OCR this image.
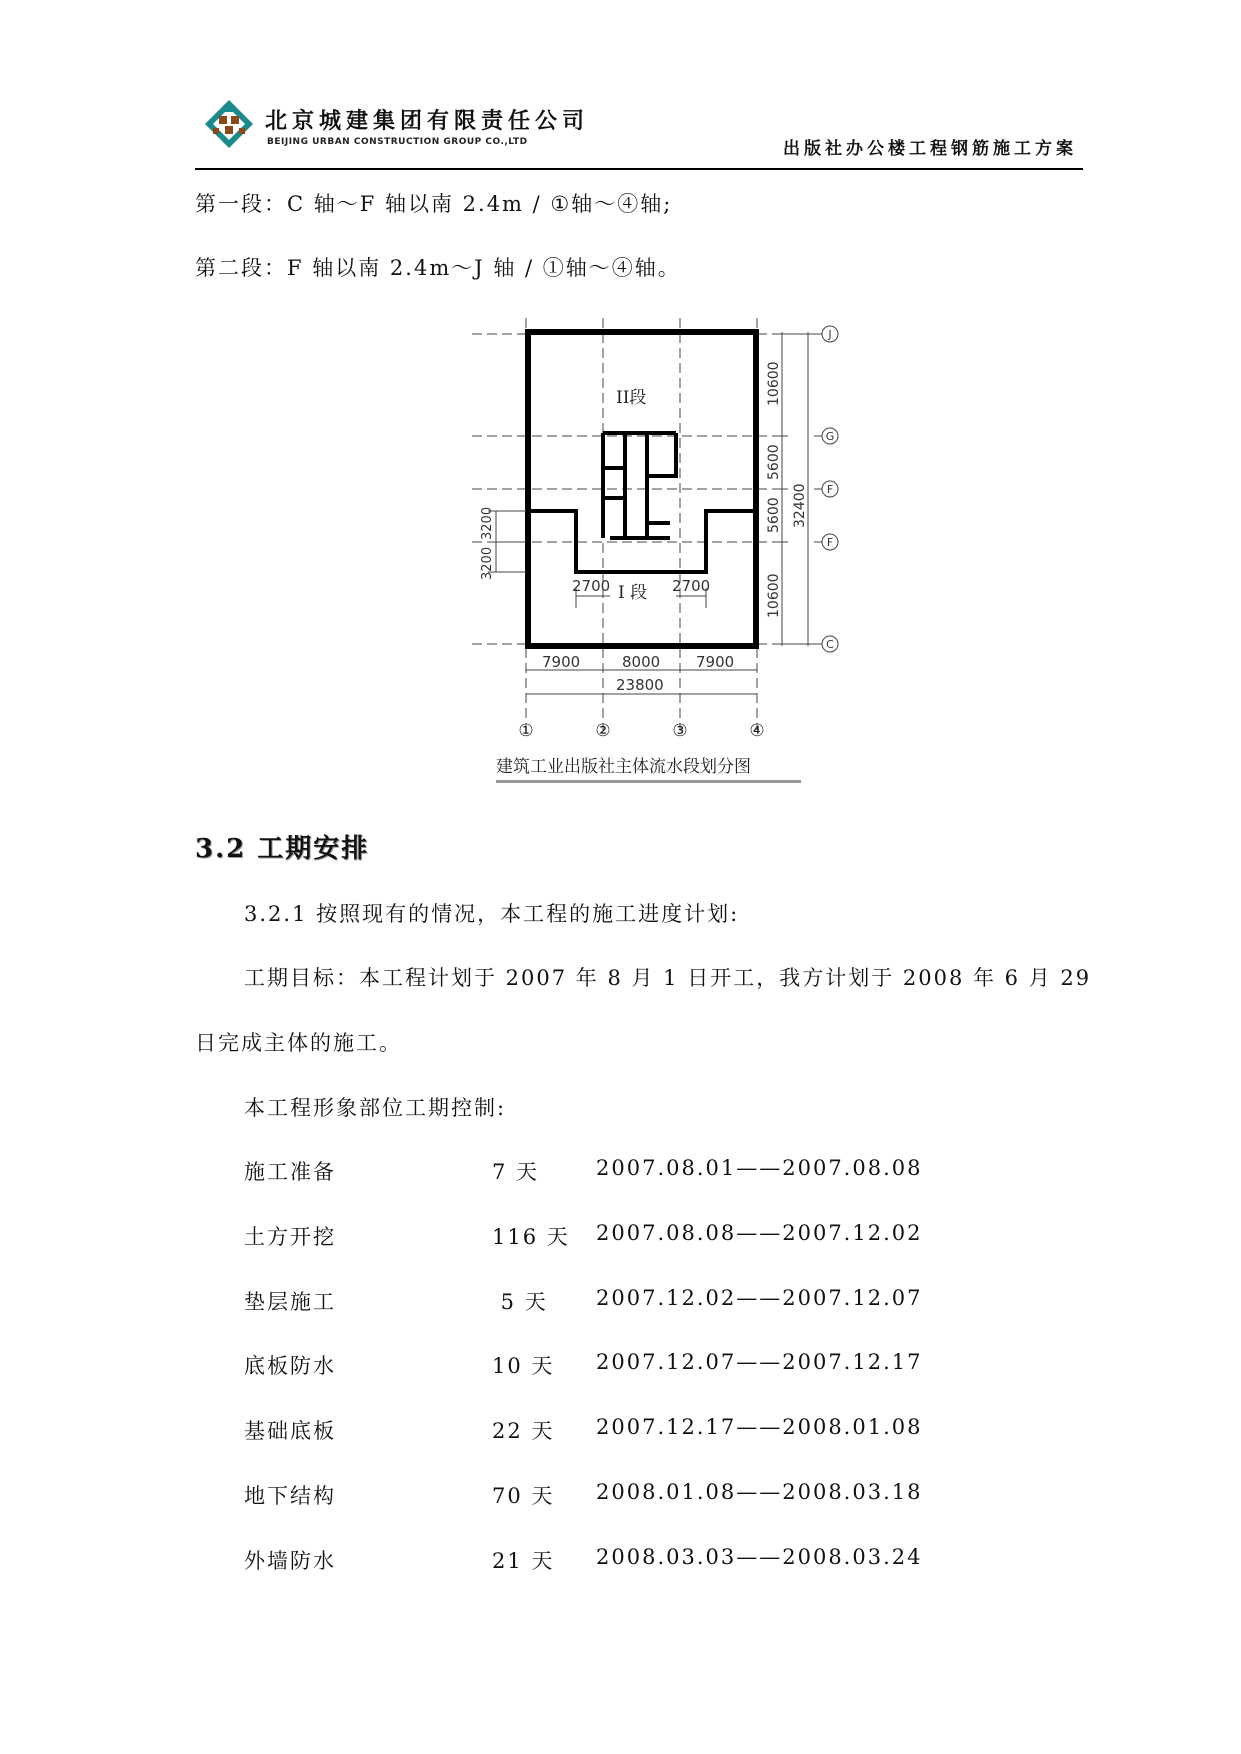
北京城建集团有限责任公司
BEIJING URBAN CONSTRUCTION GROUP CO.,LTD	出版社办公楼工程钢筋施工方案
第一段：C 轴～F 轴以南 2.4m / ①轴～④轴;
第二段：F 轴以南 2.4m～J 轴 / ①轴～④轴。
II段
I 段
2700	2700
10600
5600
5600
10600
32400
J
G
F
F
C
3200
3200
7900	8000 7900
23800
①	②	③	④
建筑工业出版社主体流水段划分图
3.2 工期安排
3.2.1 按照现有的情况，本工程的施工进度计划:
工期目标：本工程计划于 2007 年 8 月 1 日开工，我方计划于 2008 年 6 月 29
日完成主体的施工。
本工程形象部位工期控制:
施工准备	7 天	2007.08.01——2007.08.08
土方开挖	116 天 2007.08.08——2007.12.02
垫层施工	5 天 2007.12.02——2007.12.07
底板防水	10 天 2007.12.07——2007.12.17
基础底板	22 天 2007.12.17——2008.01.08
地下结构	70 天 2008.01.08——2008.03.18
外墙防水	21 天 2008.03.03——2008.03.24
